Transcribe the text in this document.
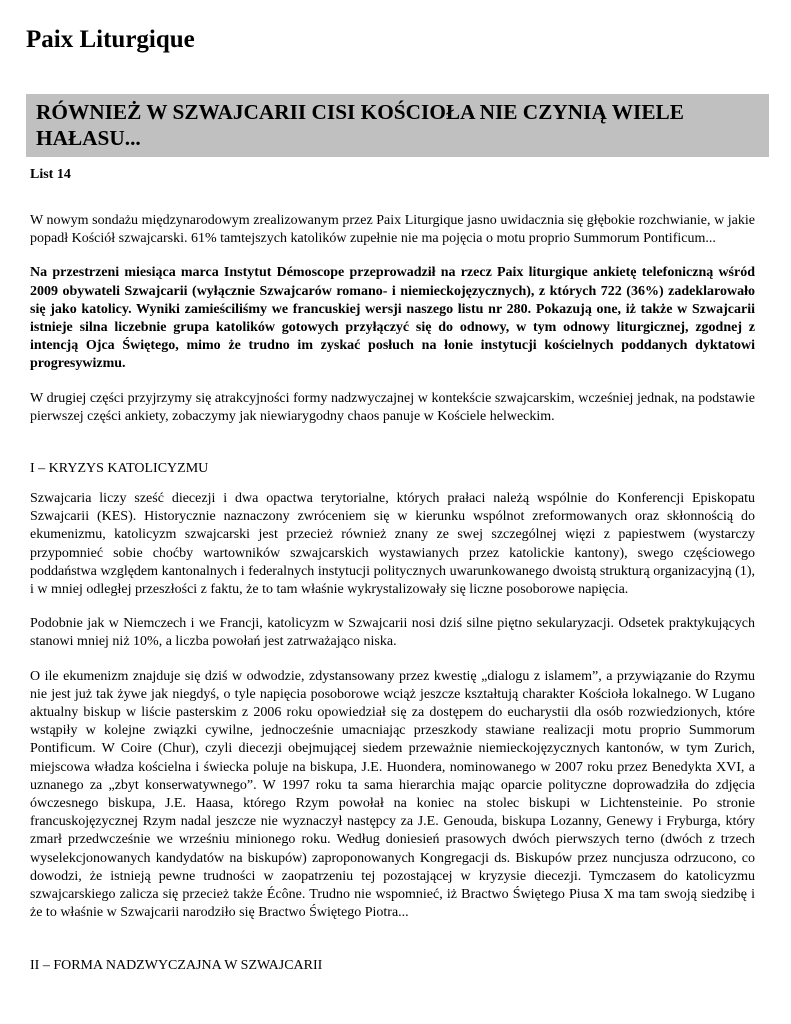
Paix Liturgique
RÓWNIEŻ W SZWAJCARII CISI KOŚCIOŁA NIE CZYNIĄ WIELE HAŁASU...
List 14

W nowym sondażu międzynarodowym zrealizowanym przez Paix Liturgique jasno uwidacznia się głębokie rozchwianie, w jakie popadł Kościół szwajcarski. 61% tamtejszych katolików zupełnie nie ma pojęcia o motu proprio Summorum Pontificum...

Na przestrzeni miesiąca marca Instytut Démoscope przeprowadził na rzecz Paix liturgique ankietę telefoniczną wśród 2009 obywateli Szwajcarii (wyłącznie Szwajcarów romano- i niemieckojęzycznych), z których 722 (36%) zadeklarowało się jako katolicy. Wyniki zamieściliśmy we francuskiej wersji naszego listu nr 280. Pokazują one, iż także w Szwajcarii istnieje silna liczebnie grupa katolików gotowych przyłączyć się do odnowy, w tym odnowy liturgicznej, zgodnej z intencją Ojca Świętego, mimo że trudno im zyskać posłuch na łonie instytucji kościelnych poddanych dyktatowi progresywizmu.

W drugiej części przyjrzymy się atrakcyjności formy nadzwyczajnej w kontekście szwajcarskim, wcześniej jednak, na podstawie pierwszej części ankiety, zobaczymy jak niewiarygodny chaos panuje w Kościele helweckim.

I – KRYZYS KATOLICYZMU

Szwajcaria liczy sześć diecezji i dwa opactwa terytorialne, których prałaci należą wspólnie do Konferencji Episkopatu Szwajcarii (KES). Historycznie naznaczony zwróceniem się w kierunku wspólnot zreformowanych oraz skłonnością do ekumenizmu, katolicyzm szwajcarski jest przecież również znany ze swej szczególnej więzi z papiestwem (wystarczy przypomnieć sobie choćby wartowników szwajcarskich wystawianych przez katolickie kantony), swego częściowego poddaństwa względem kantonalnych i federalnych instytucji politycznych uwarunkowanego dwoistą strukturą organizacyjną (1), i w mniej odległej przeszłości z faktu, że to tam właśnie wykrystalizowały się liczne posoborowe napięcia.

Podobnie jak w Niemczech i we Francji, katolicyzm w Szwajcarii nosi dziś silne piętno sekularyzacji. Odsetek praktykujących stanowi mniej niż 10%, a liczba powołań jest zatrważająco niska.

O ile ekumenizm znajduje się dziś w odwodzie, zdystansowany przez kwestię „dialogu z islamem”, a przywiązanie do Rzymu nie jest już tak żywe jak niegdyś, o tyle napięcia posoborowe wciąż jeszcze kształtują charakter Kościoła lokalnego. W Lugano aktualny biskup w liście pasterskim z 2006 roku opowiedział się za dostępem do eucharystii dla osób rozwiedzionych, które wstąpiły w kolejne związki cywilne, jednocześnie umacniając przeszkody stawiane realizacji motu proprio Summorum Pontificum. W Coire (Chur), czyli diecezji obejmującej siedem przeważnie niemieckojęzycznych kantonów, w tym Zurich, miejscowa władza kościelna i świecka poluje na biskupa, J.E. Huondera, nominowanego w 2007 roku przez Benedykta XVI, a uznanego za „zbyt konserwatywnego”. W 1997 roku ta sama hierarchia mając oparcie polityczne doprowadziła do zdjęcia ówczesnego biskupa, J.E. Haasa, którego Rzym powołał na koniec na stolec biskupi w Lichtensteinie. Po stronie francuskojęzycznej Rzym nadal jeszcze nie wyznaczył następcy za J.E. Genouda, biskupa Lozanny, Genewy i Fryburga, który zmarł przedwcześnie we wrześniu minionego roku. Według doniesień prasowych dwóch pierwszych terno (dwóch z trzech wyselekcjonowanych kandydatów na biskupów) zaproponowanych Kongregacji ds. Biskupów przez nuncjusza odrzucono, co dowodzi, że istnieją pewne trudności w zaopatrzeniu tej pozostającej w kryzysie diecezji. Tymczasem do katolicyzmu szwajcarskiego zalicza się przecież także Écône. Trudno nie wspomnieć, iż Bractwo Świętego Piusa X ma tam swoją siedzibę i że to właśnie w Szwajcarii narodziło się Bractwo Świętego Piotra...

II – FORMA NADZWYCZAJNA W SZWAJCARII
